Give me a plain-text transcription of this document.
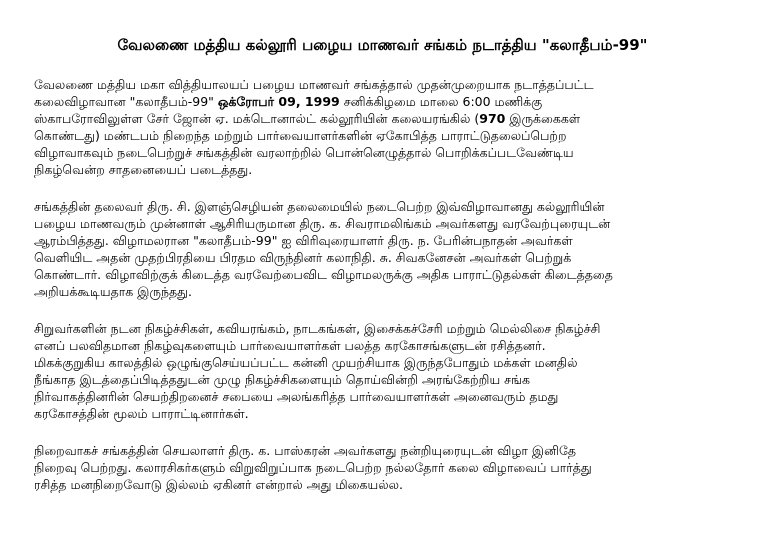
வேலணை மத்திய கல்லூரி பழைய மாணவர் சங்கம் நடாத்திய "கலாதீபம்-99"
வேலணை மத்திய மகா வித்தியாலயப் பழைய மாணவர் சங்கத்தால் முதன்முறையாக நடாத்தப்பட்ட
கலைவிழாவான "கலாதீபம்-99" ஒக்ரோபர் 09, 1999 சனிக்கிழமை மாலை 6:00 மணிக்கு
ஸ்காபரோவிலுள்ள சேர் ஜோன் ஏ. மக்டொனால்ட் கல்லூரியின் கலையரங்கில் (970 இருக்கைகள்
கொண்டது) மண்டபம் நிறைந்த மற்றும் பார்வையாளர்களின் ஏகோபித்த பாராட்டுதலைப்பெற்ற
விழாவாகவும் நடைபெற்றுச் சங்கத்தின் வரலாற்றில் பொன்னெழுத்தால் பொறிக்கப்படவேண்டிய
நிகழ்வென்ற சாதனையைப் படைத்தது.
சங்கத்தின் தலைவர் திரு. சி. இளஞ்செழியன் தலைமையில் நடைபெற்ற இவ்விழாவானது கல்லூரியின்
பழைய மாணவரும் முன்னாள் ஆசிரியருமான திரு. க. சிவராமலிங்கம் அவர்களது வரவேற்புரையுடன்
ஆரம்பித்தது. விழாமலரான "கலாதீபம்-99" ஐ விரிவுரையாளர் திரு. ந. பேரின்பநாதன் அவர்கள்
வெளியிட அதன் முதற்பிரதியை பிரதம விருந்தினர் கலாநிதி. சு. சிவகனேசன் அவர்கள் பெற்றுக்
கொண்டார். விழாவிற்குக் கிடைத்த வரவேற்பைவிட விழாமலருக்கு அதிக பாராட்டுதல்கள் கிடைத்ததை
அறியக்கூடியதாக இருந்தது.
சிறுவர்களின் நடன நிகழ்ச்சிகள், கவியரங்கம், நாடகங்கள், இசைக்கச்சேரி மற்றும் மெல்லிசை நிகழ்ச்சி
எனப் பலவிதமான நிகழ்வுகளையும் பார்வையாளர்கள் பலத்த கரகோசங்களுடன் ரசித்தனர்.
மிகக்குறுகிய காலத்தில் ஒழுங்குசெய்யப்பட்ட கன்னி முயற்சியாக இருந்தபோதும் மக்கள் மனதில்
நீங்காத இடத்தைப்பிடித்ததுடன் முழு நிகழ்ச்சிகளையும் தொய்வின்றி அரங்கேற்றிய சங்க
நிர்வாகத்தினரின் செயற்திறனைச் சபையை அலங்கரித்த பார்வையாளர்கள் அனைவரும் தமது
கரகோசத்தின் மூலம் பாராட்டினார்கள்.
நிறைவாகச் சங்கத்தின் செயலாளர் திரு. க. பாஸ்கரன் அவர்களது நன்றியுரையுடன் விழா இனிதே
நிறைவு பெற்றது. கலாரசிகர்களும் விறுவிறுப்பாக நடைபெற்ற நல்லதோர் கலை விழாவைப் பார்த்து
ரசித்த மனநிறைவோடு இல்லம் ஏகினர் என்றால் அது மிகையல்ல.
